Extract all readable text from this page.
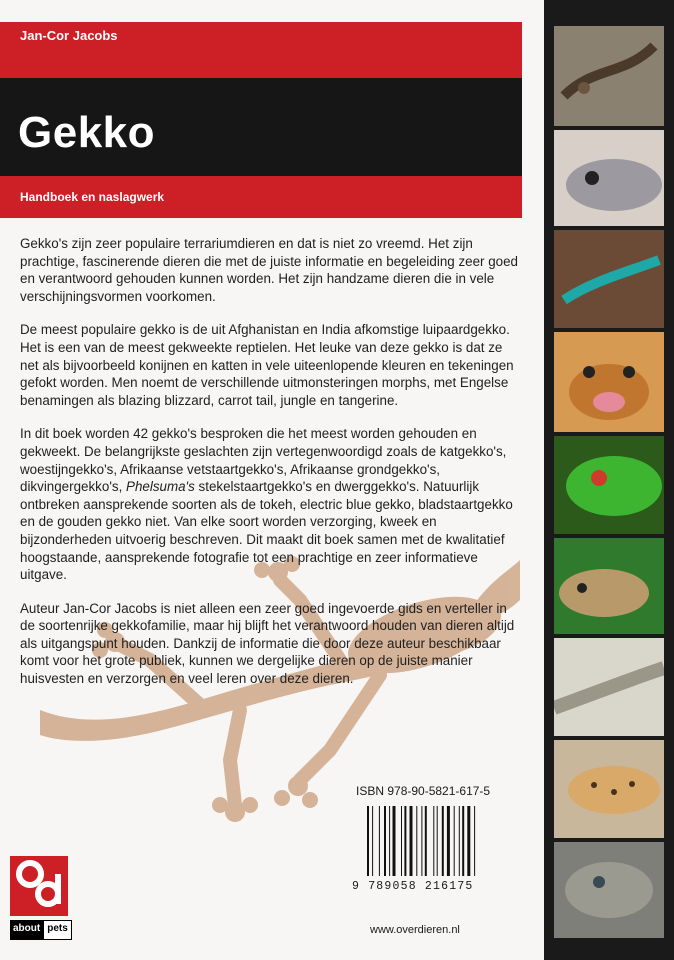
Jan-Cor Jacobs
Gekko
Handboek en naslagwerk

Gekko's zijn zeer populaire terrariumdieren en dat is niet zo vreemd. Het zijn prachtige, fascinerende dieren die met de juiste informatie en begeleiding zeer goed en verantwoord gehouden kunnen worden. Het zijn handzame dieren die in vele verschijningsvormen voorkomen.

De meest populaire gekko is de uit Afghanistan en India afkomstige luipaardgekko. Het is een van de meest gekweekte reptielen. Het leuke van deze gekko is dat ze net als bijvoorbeeld konijnen en katten in vele uiteenlopende kleuren en tekeningen gefokt worden. Men noemt de verschillende uitmonsteringen morphs, met Engelse benamingen als blazing blizzard, carrot tail, jungle en tangerine.

In dit boek worden 42 gekko's besproken die het meest worden gehouden en gekweekt. De belangrijkste geslachten zijn vertegenwoordigd zoals de katgekko's, woestijngekko's, Afrikaanse vetstaartgekko's, Afrikaanse grondgekko's, dikvingergekko's, Phelsuma's stekelstaartgekko's en dwerggekko's. Natuurlijk ontbreken aansprekende soorten als de tokeh, electric blue gekko, bladstaartgekko en de gouden gekko niet. Van elke soort worden verzorging, kweek en bijzonderheden uitvoerig beschreven. Dit maakt dit boek samen met de kwalitatief hoogstaande, aansprekende fotografie tot een prachtige en zeer informatieve uitgave.

Auteur Jan-Cor Jacobs is niet alleen een zeer goed ingevoerde gids en verteller in de soortenrijke gekkofamilie, maar hij blijft het verantwoord houden van dieren altijd als uitgangspunt houden. Dankzij de informatie die door deze auteur beschikbaar komt voor het grote publiek, kunnen we dergelijke dieren op de juiste manier huisvesten en verzorgen en veel leren over deze dieren.

ISBN 978-90-5821-617-5
9 789058 216175
www.overdieren.nl
about pets
